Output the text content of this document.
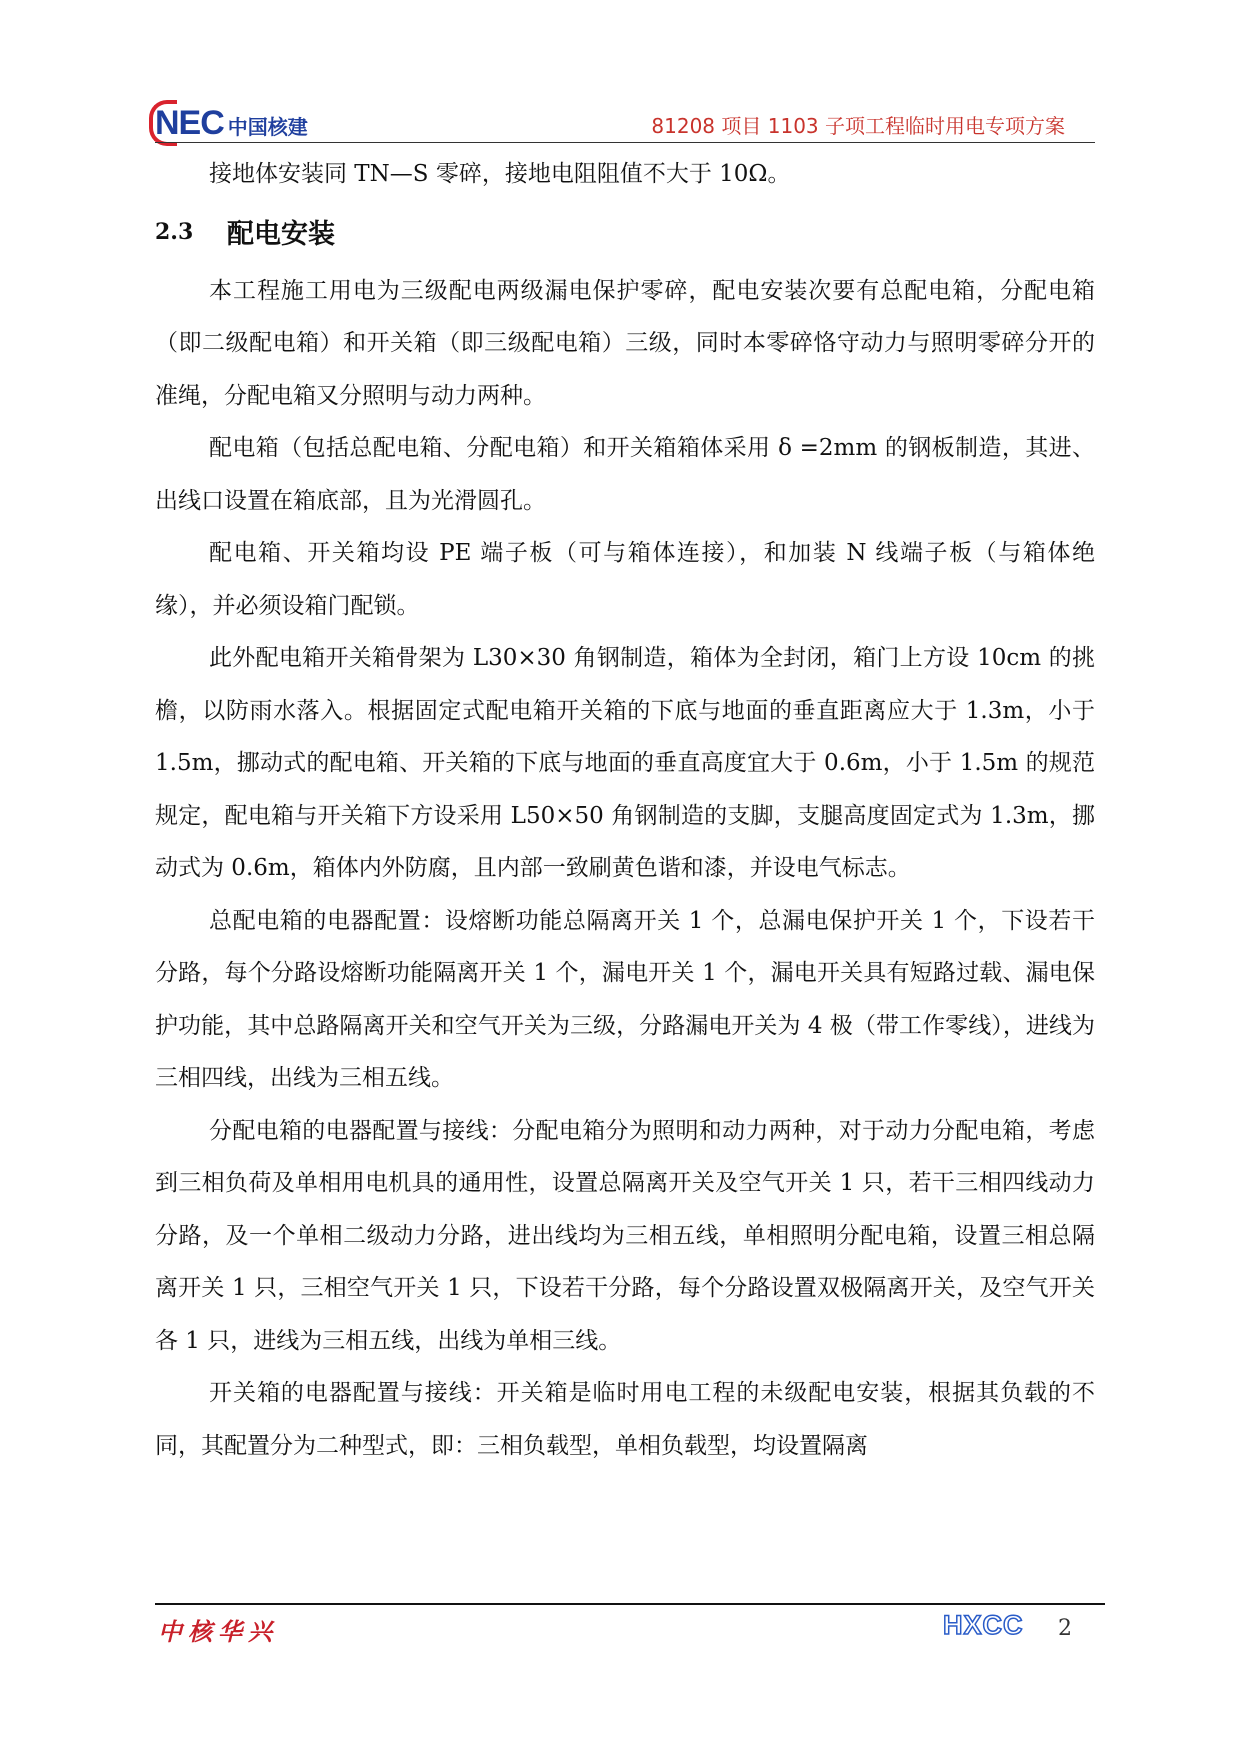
NEC 中国核建	81208 项目 1103 子项工程临时用电专项方案

接地体安装同 TN—S 零碎，接地电阻阻值不大于 10Ω。

2.3	配电安装

本工程施工用电为三级配电两级漏电保护零碎，配电安装次要有总配电箱，分配电箱（即二级配电箱）和开关箱（即三级配电箱）三级，同时本零碎恪守动力与照明零碎分开的准绳，分配电箱又分照明与动力两种。

配电箱（包括总配电箱、分配电箱）和开关箱箱体采用 δ =2mm 的钢板制造，其进、出线口设置在箱底部，且为光滑圆孔。

配电箱、开关箱均设 PE 端子板（可与箱体连接），和加装 N 线端子板（与箱体绝缘），并必须设箱门配锁。

此外配电箱开关箱骨架为 L30×30 角钢制造，箱体为全封闭，箱门上方设 10cm 的挑檐，以防雨水落入。根据固定式配电箱开关箱的下底与地面的垂直距离应大于 1.3m，小于 1.5m，挪动式的配电箱、开关箱的下底与地面的垂直高度宜大于 0.6m，小于 1.5m 的规范规定，配电箱与开关箱下方设采用 L50×50 角钢制造的支脚，支腿高度固定式为 1.3m，挪动式为 0.6m，箱体内外防腐，且内部一致刷黄色谐和漆，并设电气标志。

总配电箱的电器配置：设熔断功能总隔离开关 1 个，总漏电保护开关 1 个，下设若干分路，每个分路设熔断功能隔离开关 1 个，漏电开关 1 个，漏电开关具有短路过载、漏电保护功能，其中总路隔离开关和空气开关为三级，分路漏电开关为 4 极（带工作零线），进线为三相四线，出线为三相五线。

分配电箱的电器配置与接线：分配电箱分为照明和动力两种，对于动力分配电箱，考虑到三相负荷及单相用电机具的通用性，设置总隔离开关及空气开关 1 只，若干三相四线动力分路，及一个单相二级动力分路，进出线均为三相五线，单相照明分配电箱，设置三相总隔离开关 1 只，三相空气开关 1 只，下设若干分路，每个分路设置双极隔离开关，及空气开关各 1 只，进线为三相五线，出线为单相三线。

开关箱的电器配置与接线：开关箱是临时用电工程的未级配电安装，根据其负载的不同，其配置分为二种型式，即：三相负载型，单相负载型，均设置隔离

中核华兴	HXCC 2
